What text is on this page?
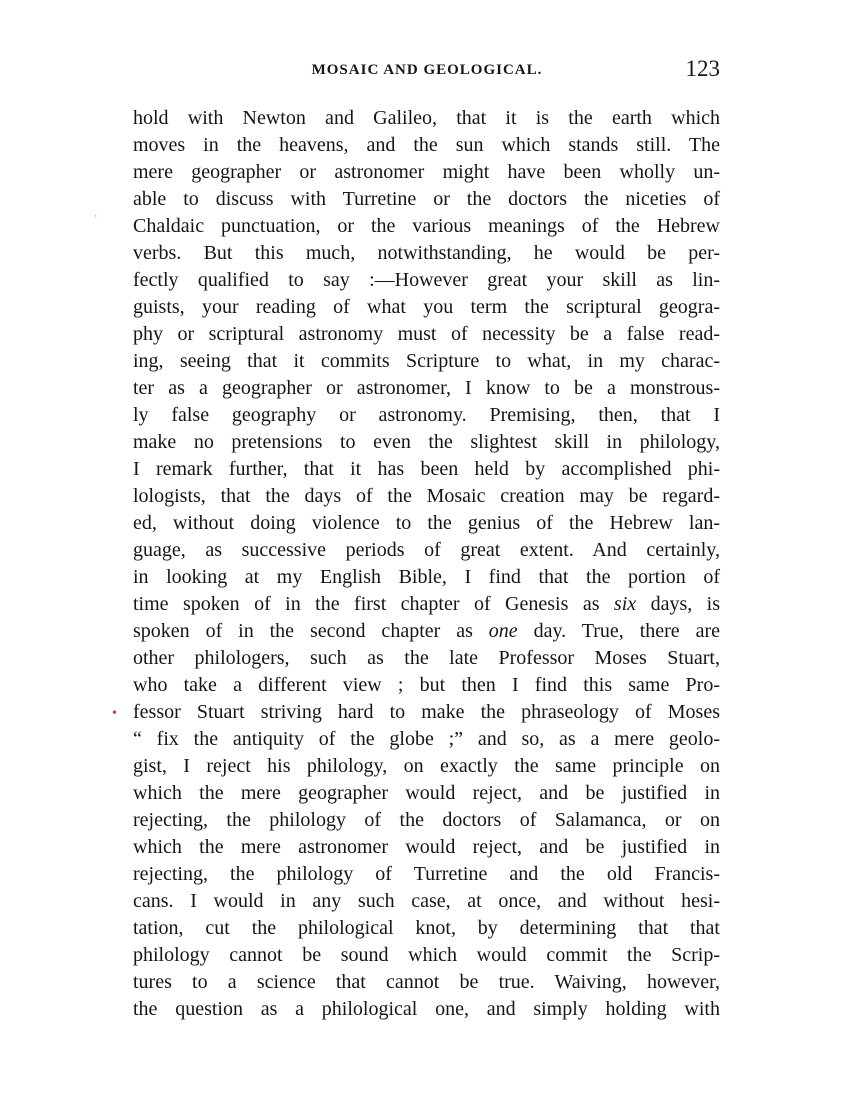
MOSAIC AND GEOLOGICAL.	123
’
•
hold with Newton and Galileo, that it is the earth which
moves in the heavens, and the sun which stands still. The
mere geographer or astronomer might have been wholly un-
able to discuss with Turretine or the doctors the niceties of
Chaldaic punctuation, or the various meanings of the Hebrew
verbs. But this much, notwithstanding, he would be per-
fectly qualified to say :—However great your skill as lin-
guists, your reading of what you term the scriptural geogra-
phy or scriptural astronomy must of necessity be a false read-
ing, seeing that it commits Scripture to what, in my charac-
ter as a geographer or astronomer, I know to be a monstrous-
ly false geography or astronomy. Premising, then, that I
make no pretensions to even the slightest skill in philology,
I remark further, that it has been held by accomplished phi-
lologists, that the days of the Mosaic creation may be regard-
ed, without doing violence to the genius of the Hebrew lan-
guage, as successive periods of great extent. And certainly,
in looking at my English Bible, I find that the portion of
time spoken of in the first chapter of Genesis as six days, is
spoken of in the second chapter as one day. True, there are
other philologers, such as the late Professor Moses Stuart,
who take a different view ; but then I find this same Pro-
fessor Stuart striving hard to make the phraseology of Moses
“ fix the antiquity of the globe ;” and so, as a mere geolo-
gist, I reject his philology, on exactly the same principle on
which the mere geographer would reject, and be justified in
rejecting, the philology of the doctors of Salamanca, or on
which the mere astronomer would reject, and be justified in
rejecting, the philology of Turretine and the old Francis-
cans. I would in any such case, at once, and without hesi-
tation, cut the philological knot, by determining that that
philology cannot be sound which would commit the Scrip-
tures to a science that cannot be true. Waiving, however,
the question as a philological one, and simply holding with
